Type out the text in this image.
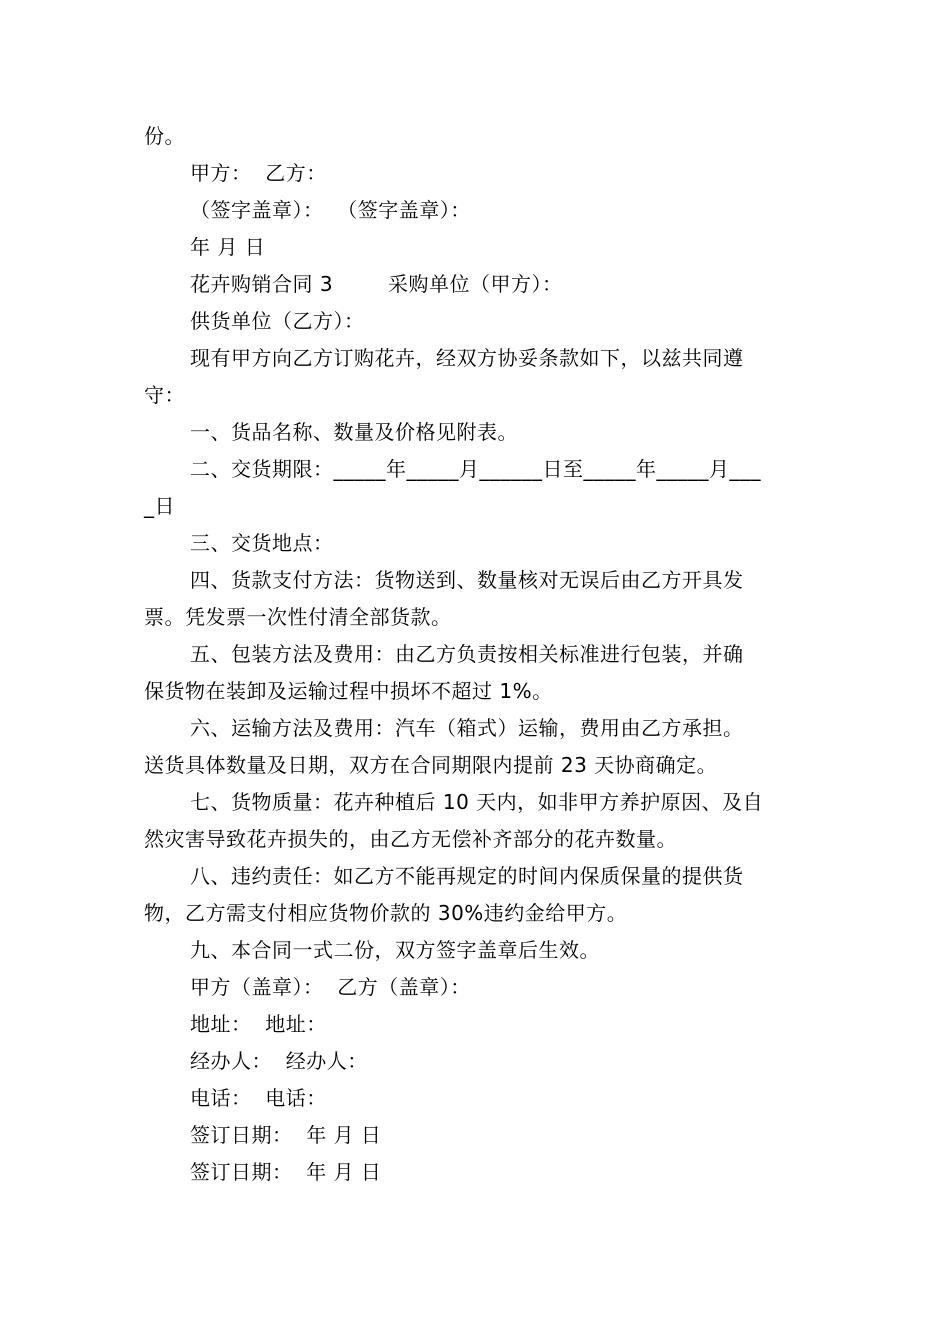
份。
甲方：  乙方：
（签字盖章）：  （签字盖章）：
年 月 日
花卉购销合同 3        采购单位（甲方）：
供货单位（乙方）：
现有甲方向乙方订购花卉，经双方协妥条款如下，以兹共同遵
守：
一、货品名称、数量及价格见附表。
二、交货期限：_____年_____月______日至_____年_____月___
_日
三、交货地点：
四、货款支付方法：货物送到、数量核对无误后由乙方开具发
票。凭发票一次性付清全部货款。
五、包装方法及费用：由乙方负责按相关标准进行包装，并确
保货物在装卸及运输过程中损坏不超过 1%。
六、运输方法及费用：汽车（箱式）运输，费用由乙方承担。
送货具体数量及日期，双方在合同期限内提前 23 天协商确定。
七、货物质量：花卉种植后 10 天内，如非甲方养护原因、及自
然灾害导致花卉损失的，由乙方无偿补齐部分的花卉数量。
八、违约责任：如乙方不能再规定的时间内保质保量的提供货
物，乙方需支付相应货物价款的 30%违约金给甲方。
九、本合同一式二份，双方签字盖章后生效。
甲方（盖章）：  乙方（盖章）：
地址：  地址：
经办人：  经办人：
电话：  电话：
签订日期：  年 月 日
签订日期：  年 月 日
